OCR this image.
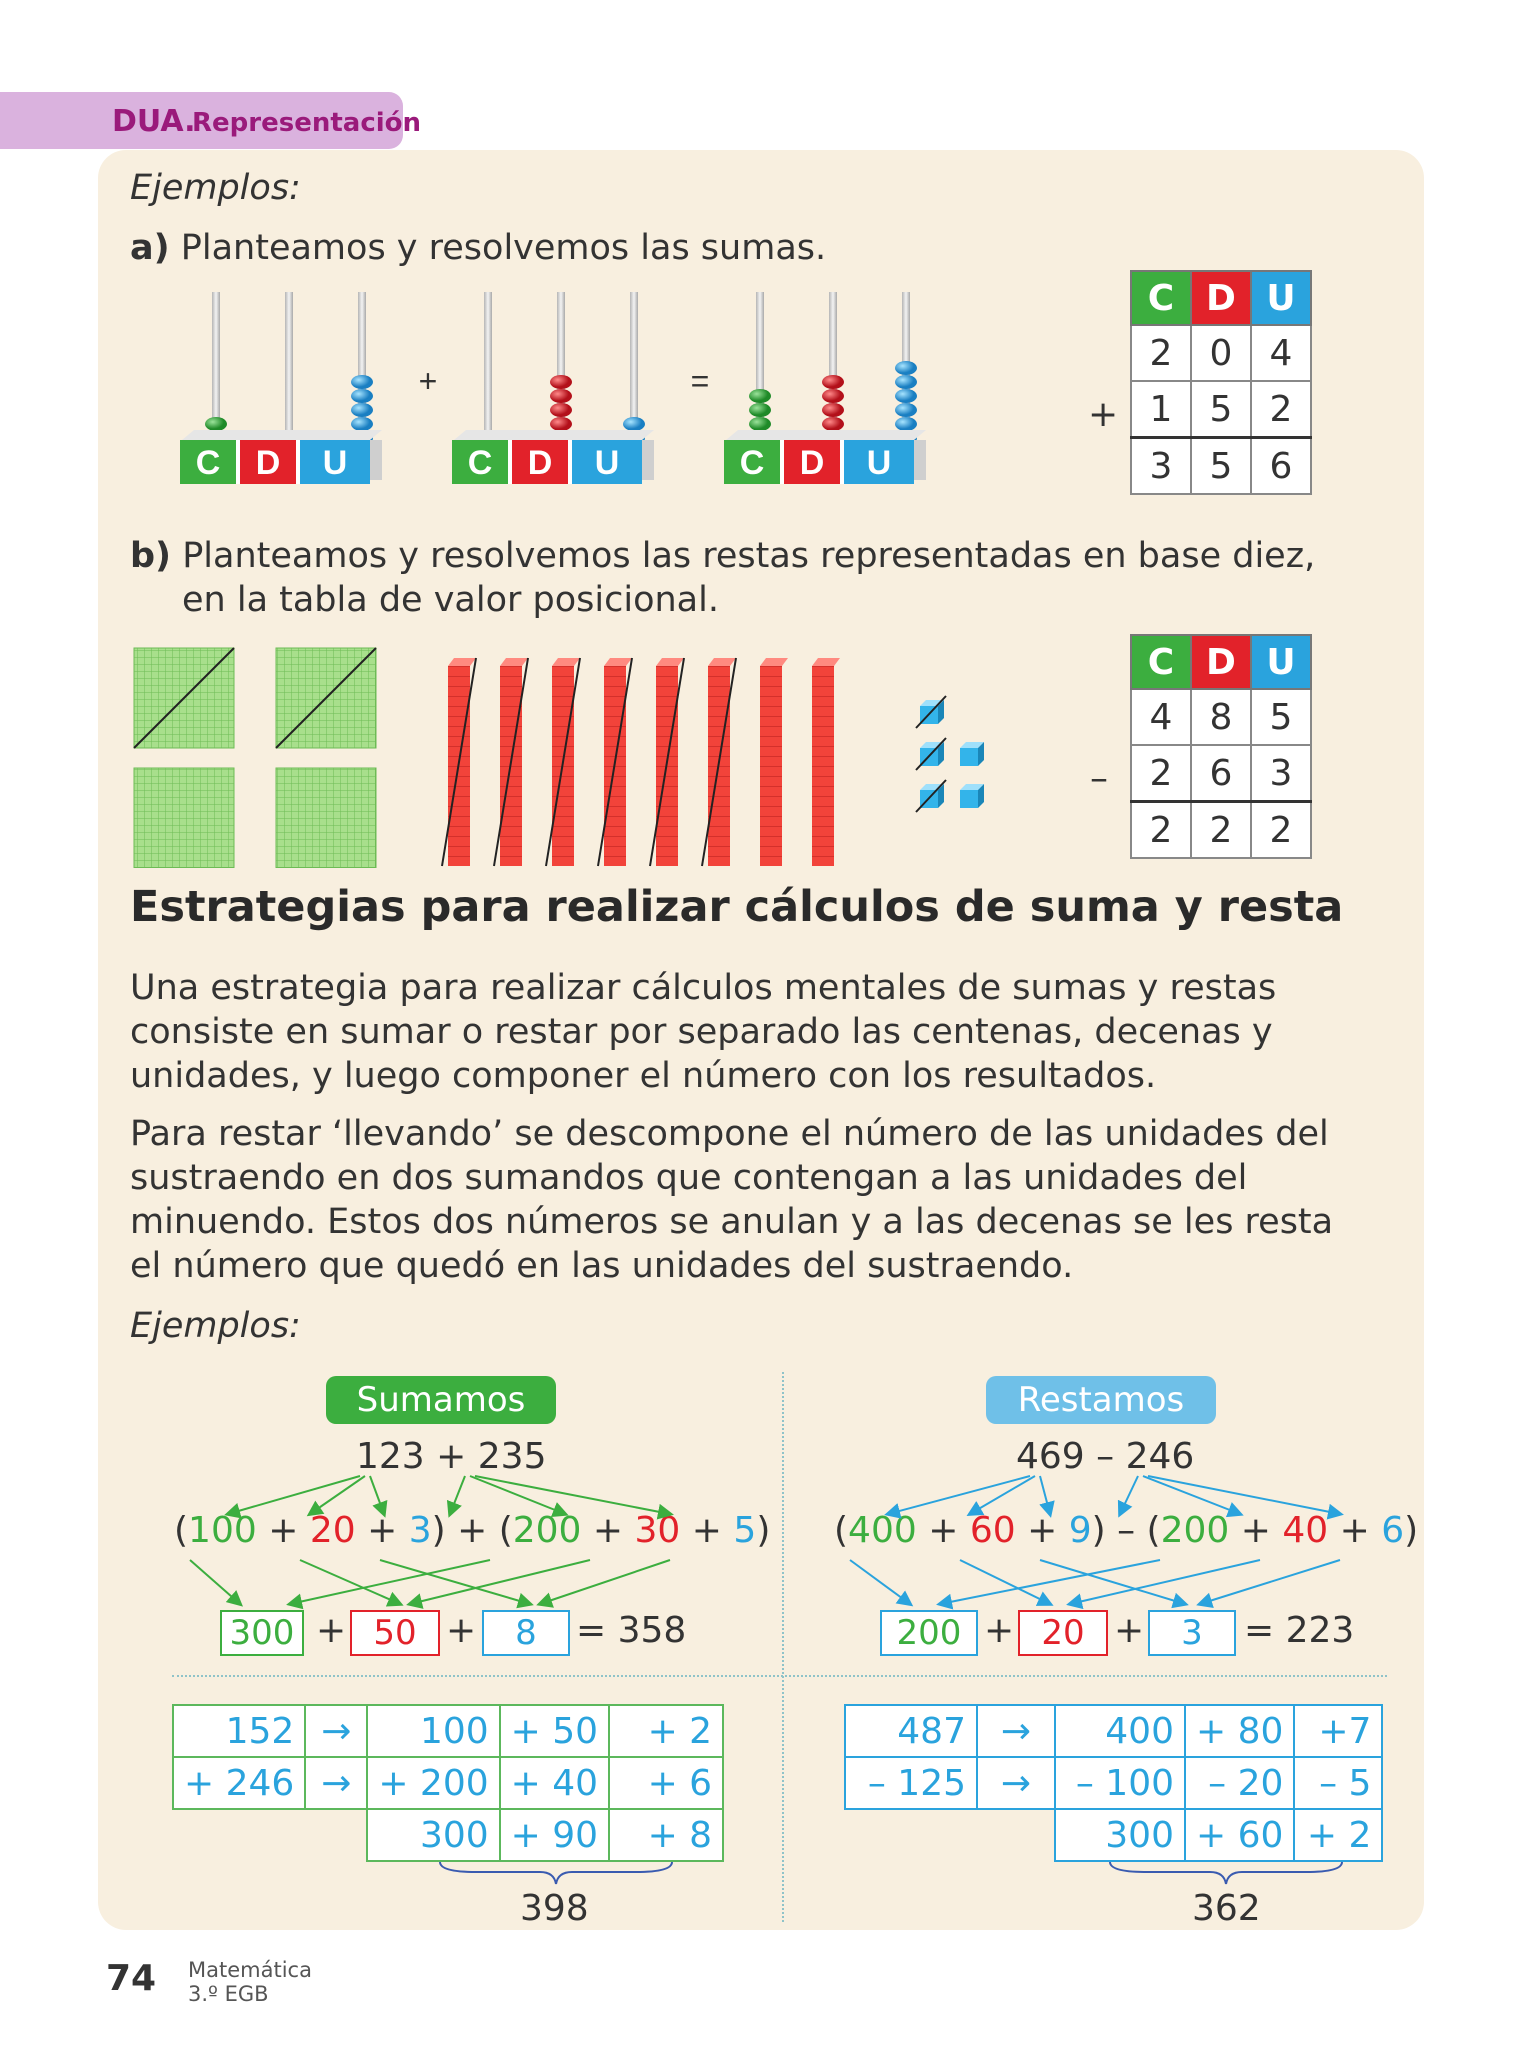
DUA.
Representación
Ejemplos:
a) Planteamos y resolvemos las sumas.
C D U	C D U	C D U
+	=
+
C	D	U
2	0	4
1	5	2
3	5	6
b) Planteamos y resolvemos las restas representadas en base diez,
en la tabla de valor posicional.
–
C	D	U
4	8	5
2	6	3
2	2	2
Estrategias para realizar cálculos de suma y resta
Una estrategia para realizar cálculos mentales de sumas y restas
consiste en sumar o restar por separado las centenas, decenas y
unidades, y luego componer el número con los resultados.
Para restar ‘llevando’ se descompone el número de las unidades del
sustraendo en dos sumandos que contengan a las unidades del
minuendo. Estos dos números se anulan y a las decenas se les resta
el número que quedó en las unidades del sustraendo.
Ejemplos:
Sumamos
123 + 235
(100 + 20 + 3) + (200 + 30 + 5)
300 + 50 +	8	= 358
152	→	100	+ 50	+ 2
+ 246	→	+ 200	+ 40	+ 6
		300	+ 90	+ 8
398
Restamos
469 – 246
(400 + 60 + 9) – (200 + 40 + 6)
200 + 20 +	3	= 223
487	→	400	+ 80	+7
– 125	→	– 100	– 20	– 5
		300	+ 60	+ 2
362
74 Matemática
3.º EGB
